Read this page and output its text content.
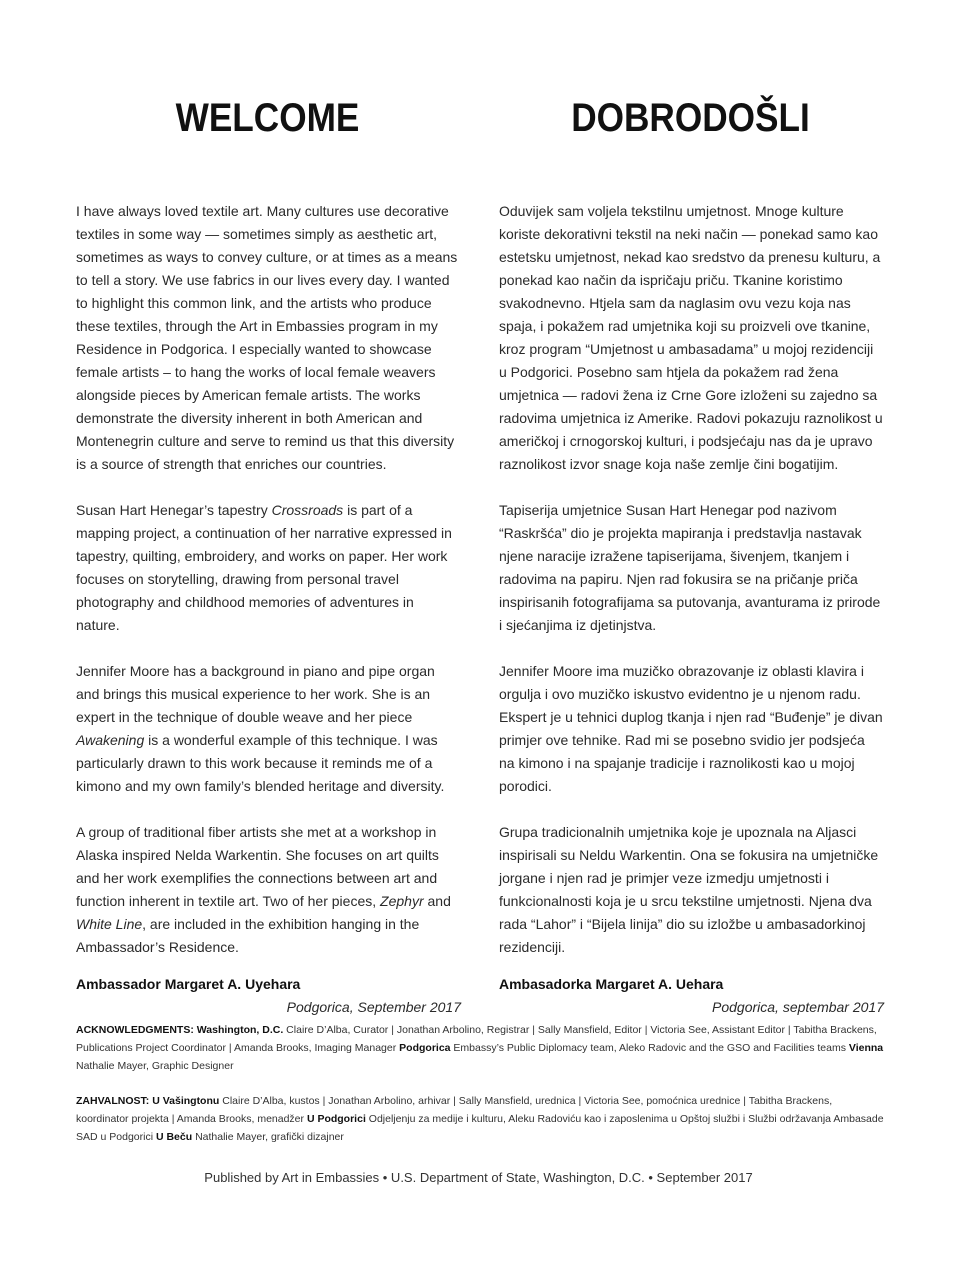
WELCOME	DOBRODOŠLI

I have always loved textile art. Many cultures use decorative textiles in some way — sometimes simply as aesthetic art, sometimes as ways to convey culture, or at times as a means to tell a story. We use fabrics in our lives every day. I wanted to highlight this common link, and the artists who produce these textiles, through the Art in Embassies program in my Residence in Podgorica. I especially wanted to showcase female artists – to hang the works of local female weavers alongside pieces by American female artists. The works demonstrate the diversity inherent in both American and Montenegrin culture and serve to remind us that this diversity is a source of strength that enriches our countries.

Susan Hart Henegar’s tapestry Crossroads is part of a mapping project, a continuation of her narrative expressed in tapestry, quilting, embroidery, and works on paper. Her work focuses on storytelling, drawing from personal travel photography and childhood memories of adventures in nature.

Jennifer Moore has a background in piano and pipe organ and brings this musical experience to her work. She is an expert in the technique of double weave and her piece Awakening is a wonderful example of this technique. I was particularly drawn to this work because it reminds me of a kimono and my own family’s blended heritage and diversity.

A group of traditional fiber artists she met at a workshop in Alaska inspired Nelda Warkentin. She focuses on art quilts and her work exemplifies the connections between art and function inherent in textile art. Two of her pieces, Zephyr and White Line, are included in the exhibition hanging in the Ambassador’s Residence.

Ambassador Margaret A. Uyehara
Podgorica, September 2017

Oduvijek sam voljela tekstilnu umjetnost. Mnoge kulture koriste dekorativni tekstil na neki način — ponekad samo kao estetsku umjetnost, nekad kao sredstvo da prenesu kulturu, a ponekad kao način da ispričaju priču. Tkanine koristimo svakodnevno. Htjela sam da naglasim ovu vezu koja nas spaja, i pokažem rad umjetnika koji su proizveli ove tkanine, kroz program “Umjetnost u ambasadama” u mojoj rezidenciji u Podgorici. Posebno sam htjela da pokažem rad žena umjetnica — radovi žena iz Crne Gore izloženi su zajedno sa radovima umjetnica iz Amerike. Radovi pokazuju raznolikost u američkoj i crnogorskoj kulturi, i podsjećaju nas da je upravo raznolikost izvor snage koja naše zemlje čini bogatijim.

Tapiserija umjetnice Susan Hart Henegar pod nazivom “Raskršća” dio je projekta mapiranja i predstavlja nastavak njene naracije izražene tapiserijama, šivenjem, tkanjem i radovima na papiru. Njen rad fokusira se na pričanje priča inspirisanih fotografijama sa putovanja, avanturama iz prirode i sjećanjima iz djetinjstva.

Jennifer Moore ima muzičko obrazovanje iz oblasti klavira i orgulja i ovo muzičko iskustvo evidentno je u njenom radu. Ekspert je u tehnici duplog tkanja i njen rad “Buđenje” je divan primjer ove tehnike. Rad mi se posebno svidio jer podsjeća na kimono i na spajanje tradicije i raznolikosti kao u mojoj porodici.

Grupa tradicionalnih umjetnika koje je upoznala na Aljasci inspirisali su Neldu Warkentin. Ona se fokusira na umjetničke jorgane i njen rad je primjer veze izmedju umjetnosti i funkcionalnosti koja je u srcu tekstilne umjetnosti. Njena dva rada “Lahor” i “Bijela linija” dio su izložbe u ambasadorkinoj rezidenciji.

Ambasadorka Margaret A. Uehara
Podgorica, septembar 2017
ACKNOWLEDGMENTS: Washington, D.C. Claire D’Alba, Curator | Jonathan Arbolino, Registrar | Sally Mansfield, Editor | Victoria See, Assistant Editor | Tabitha Brackens, Publications Project Coordinator | Amanda Brooks, Imaging Manager Podgorica Embassy’s Public Diplomacy team, Aleko Radovic and the GSO and Facilities teams Vienna Nathalie Mayer, Graphic Designer
ZAHVALNOST: U Vašingtonu Claire D’Alba, kustos | Jonathan Arbolino, arhivar | Sally Mansfield, urednica | Victoria See, pomoćnica urednice | Tabitha Brackens, koordinator projekta | Amanda Brooks, menadžer U Podgorici Odjeljenju za medije i kulturu, Aleku Radoviću kao i zaposlenima u Opštoj službi i Službi održavanja Ambasade SAD u Podgorici U Beču Nathalie Mayer, grafički dizajner
Published by Art in Embassies • U.S. Department of State, Washington, D.C. • September 2017
